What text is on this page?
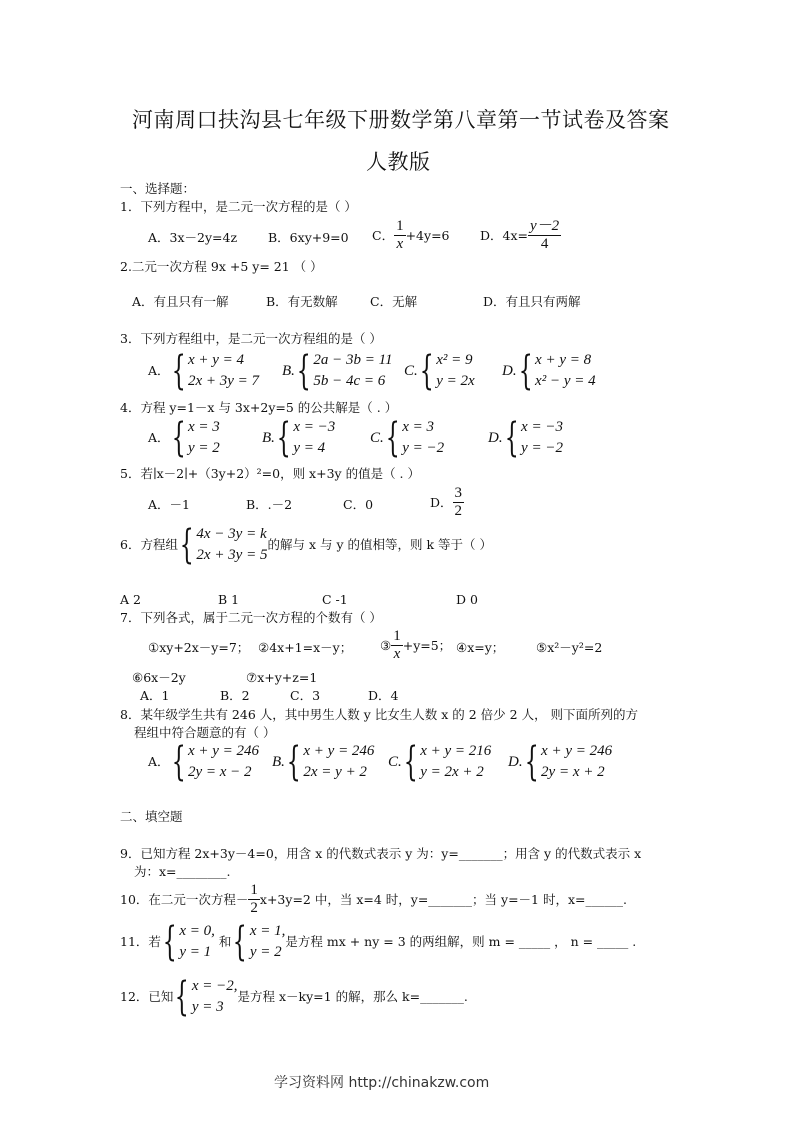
河南周口扶沟县七年级下册数学第八章第一节试卷及答案
人教版
一、选择题：
1．下列方程中，是二元一次方程的是（ ）
A．3x－2y=4z B．6xy+9=0 C． $\frac{1}{x} +4y=6$ D．$4x= \frac{y-2}{4}$
2.二元一次方程 9x +5 y= 21 （ ）
A．有且只有一解	B．有无数解	C．无解	D．有且只有两解
3．下列方程组中，是二元一次方程组的是（ ）
A． { x + y = 4
2x + 3y = 7
B. { 2a − 3b = 11
5b − 4c = 6
C. { x² = 9
y = 2x
D. { x + y = 8
x² − y = 4
4．方程 y=1－x 与 3x+2y=5 的公共解是（ . ）
A． { x = 3
y = 2
B. { x = −3
y = 4
C. { x = 3
y = −2
D. { x = −3
y = −2
5．若∣x－2∣+（3y+2）²=0，则 x+3y 的值是（ . ）
A．－1	B．.－2	C．0	D． $\frac{3}{2}$
6．方程组 { 4x − 3y = k
2x + 3y = 5
的解与 x 与 y 的值相等，则 k 等于（ ）
A 2	B 1	C -1	D 0
7．下列各式，属于二元一次方程的个数有（ ）
①xy+2x－y=7； ②4x+1=x－y； ③ $\frac{1}{x} +y=5$； ④x=y；	⑤x²－y²=2
⑥6x－2y	⑦x+y+z=1
A．1	B．2	C．3	D．4
8．某年级学生共有 246 人，其中男生人数 y 比女生人数 x 的 2 倍少 2 人， 则下面所列的方
程组中符合题意的有（ ）
A． { x + y = 246
2y = x − 2
B. { x + y = 246
2x = y + 2
C. { x + y = 216
y = 2x + 2
D. { x + y = 246
2y = x + 2
二、填空题
9．已知方程 2x+3y－4=0，用含 x 的代数式表示 y 为：y=_______；用含 y 的代数式表示 x
为：x=________.
10．在二元一次方程－ $\frac{1}{2} x+3y=2$ 中，当 x=4 时，y=_______；当 y=－1 时，x=______.
11．若 { x = 0,
y = 1
和 { x = 1,
y = 2
是方程 mx + ny = 3 的两组解，则 m = _____ ， n = _____ .
12．已知 { x = −2,
y = 3
是方程 x－ky=1 的解，那么 k=_______.
学习资料网 http://chinakzw.com
